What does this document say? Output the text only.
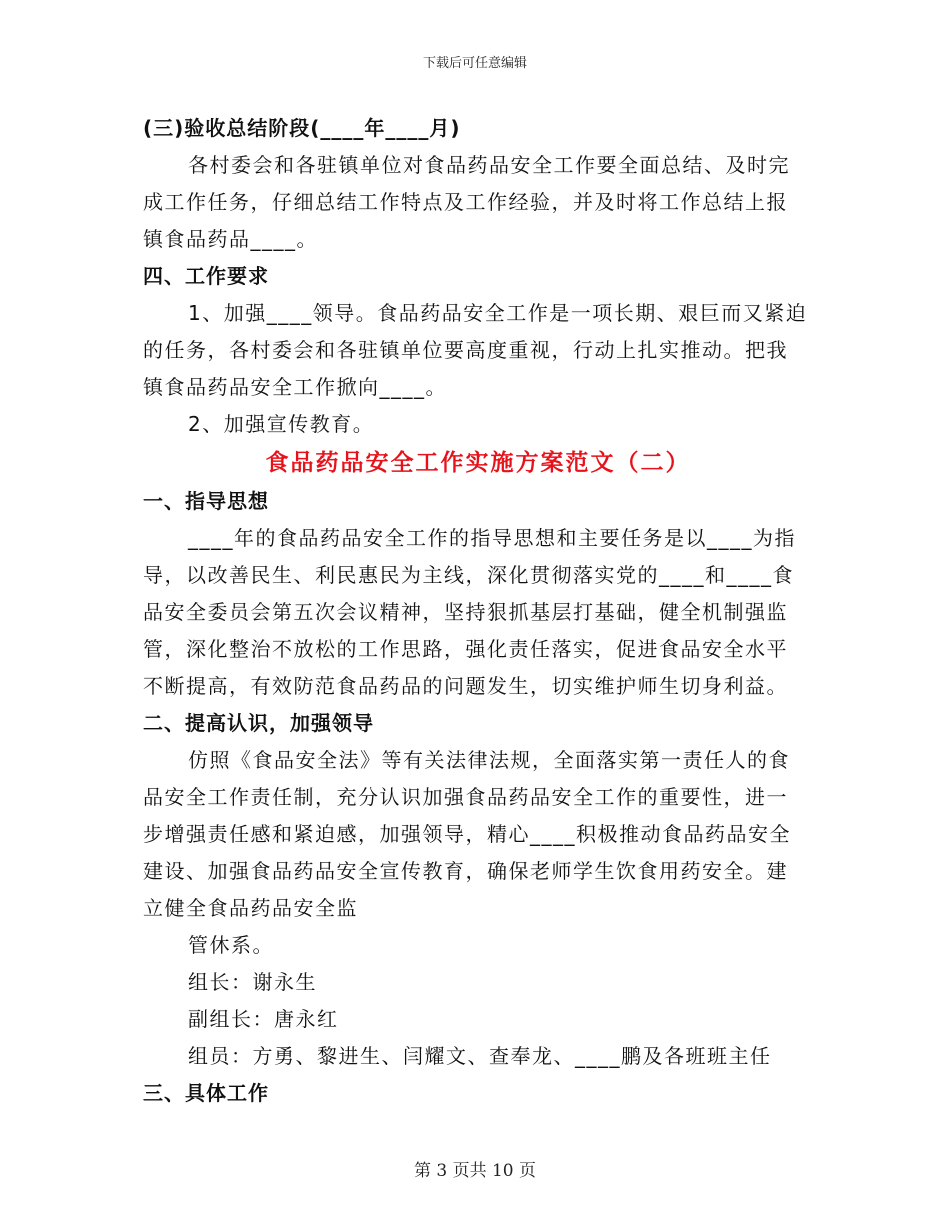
下载后可任意编辑
(三)验收总结阶段(____年____月)
各村委会和各驻镇单位对食品药品安全工作要全面总结、及时完
成工作任务，仔细总结工作特点及工作经验，并及时将工作总结上报
镇食品药品____。
四、工作要求
1、加强____领导。食品药品安全工作是一项长期、艰巨而又紧迫
的任务，各村委会和各驻镇单位要高度重视，行动上扎实推动。把我
镇食品药品安全工作掀向____。
2、加强宣传教育。
食品药品安全工作实施方案范文（二）
一、指导思想
____年的食品药品安全工作的指导思想和主要任务是以____为指
导，以改善民生、利民惠民为主线，深化贯彻落实党的____和____食
品安全委员会第五次会议精神，坚持狠抓基层打基础，健全机制强监
管，深化整治不放松的工作思路，强化责任落实，促进食品安全水平
不断提高，有效防范食品药品的问题发生，切实维护师生切身利益。
二、提高认识，加强领导
仿照《食品安全法》等有关法律法规，全面落实第一责任人的食
品安全工作责任制，充分认识加强食品药品安全工作的重要性，进一
步增强责任感和紧迫感，加强领导，精心____积极推动食品药品安全
建设、加强食品药品安全宣传教育，确保老师学生饮食用药安全。建
立健全食品药品安全监
管休系。
组长：谢永生
副组长：唐永红
组员：方勇、黎进生、闫耀文、查奉龙、____鹏及各班班主任
三、具体工作
第 3 页共 10 页
